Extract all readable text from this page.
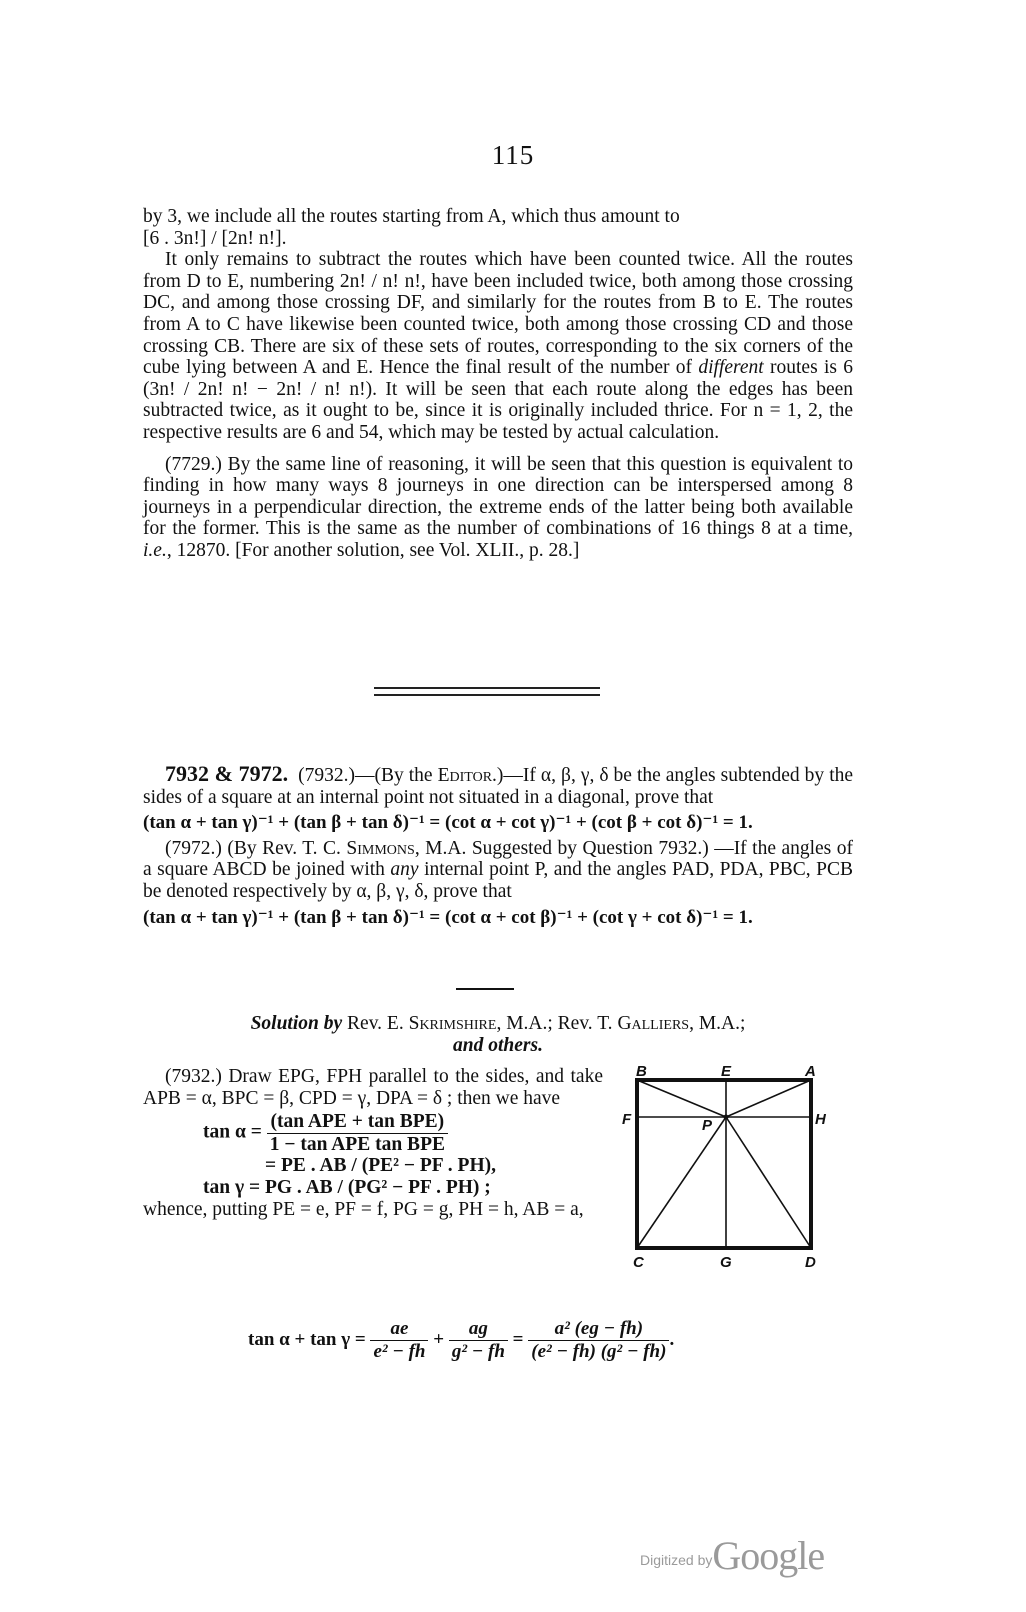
115

by 3, we include all the routes starting from A, which thus amount to
[6 . 3n!] / [2n! n!].

It only remains to subtract the routes which have been counted twice. All the routes from D to E, numbering 2n! / n! n!, have been included twice, both among those crossing DC, and among those crossing DF, and similarly for the routes from B to E. The routes from A to C have likewise been counted twice, both among those crossing CD and those crossing CB. There are six of these sets of routes, corresponding to the six corners of the cube lying between A and E. Hence the final result of the number of different routes is 6 (3n! / 2n! n! − 2n! / n! n!). It will be seen that each route along the edges has been subtracted twice, as it ought to be, since it is originally included thrice. For n = 1, 2, the respective results are 6 and 54, which may be tested by actual calculation.

(7729.) By the same line of reasoning, it will be seen that this question is equivalent to finding in how many ways 8 journeys in one direction can be interspersed among 8 journeys in a perpendicular direction, the extreme ends of the latter being both available for the former. This is the same as the number of combinations of 16 things 8 at a time, i.e., 12870. [For another solution, see Vol. XLII., p. 28.]

7932 & 7972. (7932.)—(By the Editor.)—If α, β, γ, δ be the angles subtended by the sides of a square at an internal point not situated in a diagonal, prove that

(tan α + tan γ)⁻¹ + (tan β + tan δ)⁻¹ = (cot α + cot γ)⁻¹ + (cot β + cot δ)⁻¹ = 1.

(7972.) (By Rev. T. C. Simmons, M.A. Suggested by Question 7932.) —If the angles of a square ABCD be joined with any internal point P, and the angles PAD, PDA, PBC, PCB be denoted respectively by α, β, γ, δ, prove that

(tan α + tan γ)⁻¹ + (tan β + tan δ)⁻¹ = (cot α + cot β)⁻¹ + (cot γ + cot δ)⁻¹ = 1.

Solution by Rev. E. Skrimshire, M.A.; Rev. T. Galliers, M.A.;
and others.

(7932.) Draw EPG, FPH parallel to the sides, and take APB = α, BPC = β, CPD = γ, DPA = δ ; then we have

$\tan \alpha = \frac{\text{(tan APE + tan BPE)}}{\text{1 − tan APE tan BPE}}$
= PE . AB / (PE² − PF . PH),
tan γ = PG . AB / (PG² − PF . PH) ;

whence, putting PE = e, PF = f, PG = g, PH = h, AB = a,

$\tan \alpha + \tan \gamma = \frac{ae}{\text{e² − fh}} + \frac{ag}{\text{g² − fh}} = \frac{\text{a² (eg − fh)}}{\text{(e² − fh) (g² − fh)}}$ .
B	E	A
F	P	H
C	G	D
Digitized byGoogle
